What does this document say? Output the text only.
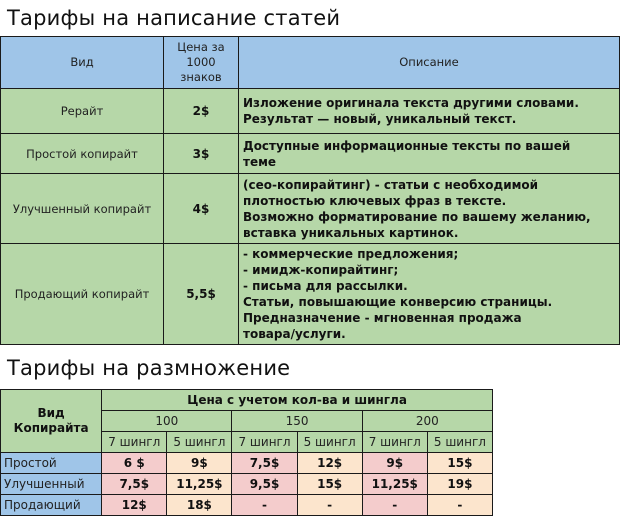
Тарифы на написание статей
Вид	Цена за
1000
знаков	Описание
Рерайт	2$	Изложение оригинала текста другими словами.
Результат — новый, уникальный текст.

Простой копирайт	3$	Доступные информационные тексты по вашей
теме

Улучшенный копирайт	4$	(сео-копирайтинг) - статьи с необходимой
плотностью ключевых фраз в тексте.
Возможно форматирование по вашему желанию,
вставка уникальных картинок.

Продающий копирайт	5,5$	
- коммерческие предложения;
- имидж-копирайтинг;
- письма для рассылки.
Статьи, повышающие конверсию страницы.
Предназначение - мгновенная продажа
товара/услуги.
Тарифы на размножение
Вид
Копирайта	Цена с учетом кол-ва и шингла					
	100		150		200	
	7 шингл	5 шингл	7 шингл	5 шингл	7 шингл	5 шингл
Простой	6 $	9$	7,5$	12$	9$	15$
Улучшенный	7,5$	11,25$	9,5$	15$	11,25$	19$
Продающий	12$	18$	-	-	-	-
